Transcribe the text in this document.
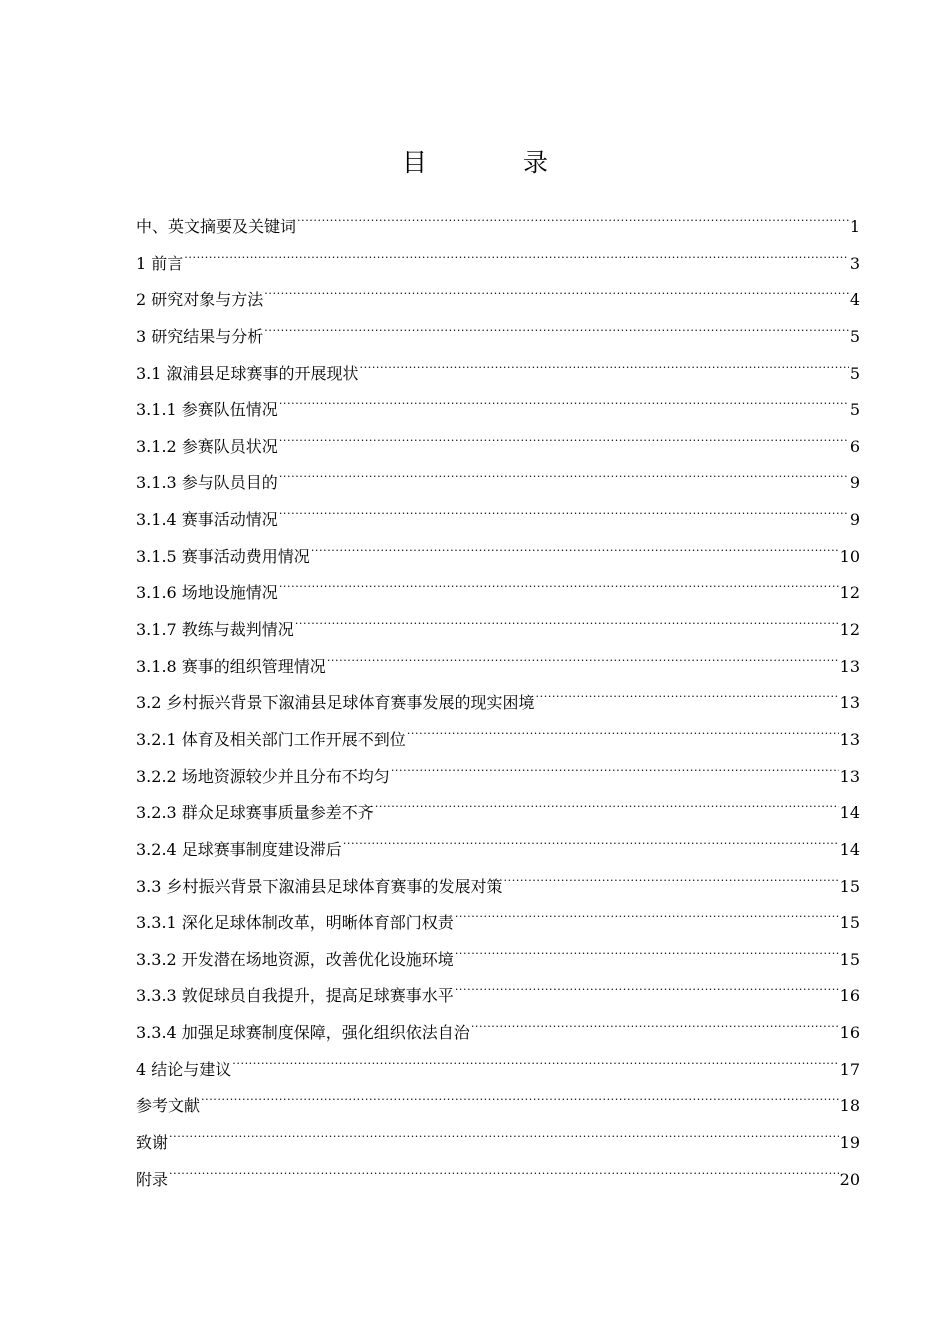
目 录
中、英文摘要及关键词 .....	1
1 前言 .....	3
2 研究对象与方法 .....	4
3 研究结果与分析 .....	5
3.1 溆浦县足球赛事的开展现状 .....	5
3.1.1 参赛队伍情况 .....	5
3.1.2 参赛队员状况 .....	6
3.1.3 参与队员目的 .....	9
3.1.4 赛事活动情况 .....	9
3.1.5 赛事活动费用情况 .....	10
3.1.6 场地设施情况 .....	12
3.1.7 教练与裁判情况 .....	12
3.1.8 赛事的组织管理情况 .....	13
3.2 乡村振兴背景下溆浦县足球体育赛事发展的现实困境 .....	13
3.2.1 体育及相关部门工作开展不到位 .....	13
3.2.2 场地资源较少并且分布不均匀 .....	13
3.2.3 群众足球赛事质量参差不齐 .....	14
3.2.4 足球赛事制度建设滞后 .....	14
3.3 乡村振兴背景下溆浦县足球体育赛事的发展对策 .....	15
3.3.1 深化足球体制改革，明晰体育部门权责 .....	15
3.3.2 开发潜在场地资源，改善优化设施环境 .....	15
3.3.3 敦促球员自我提升，提高足球赛事水平 .....	16
3.3.4 加强足球赛制度保障，强化组织依法自治 .....	16
4 结论与建议 .....	17
参考文献 .....	18
致谢 .....	19
附录 .....	20
